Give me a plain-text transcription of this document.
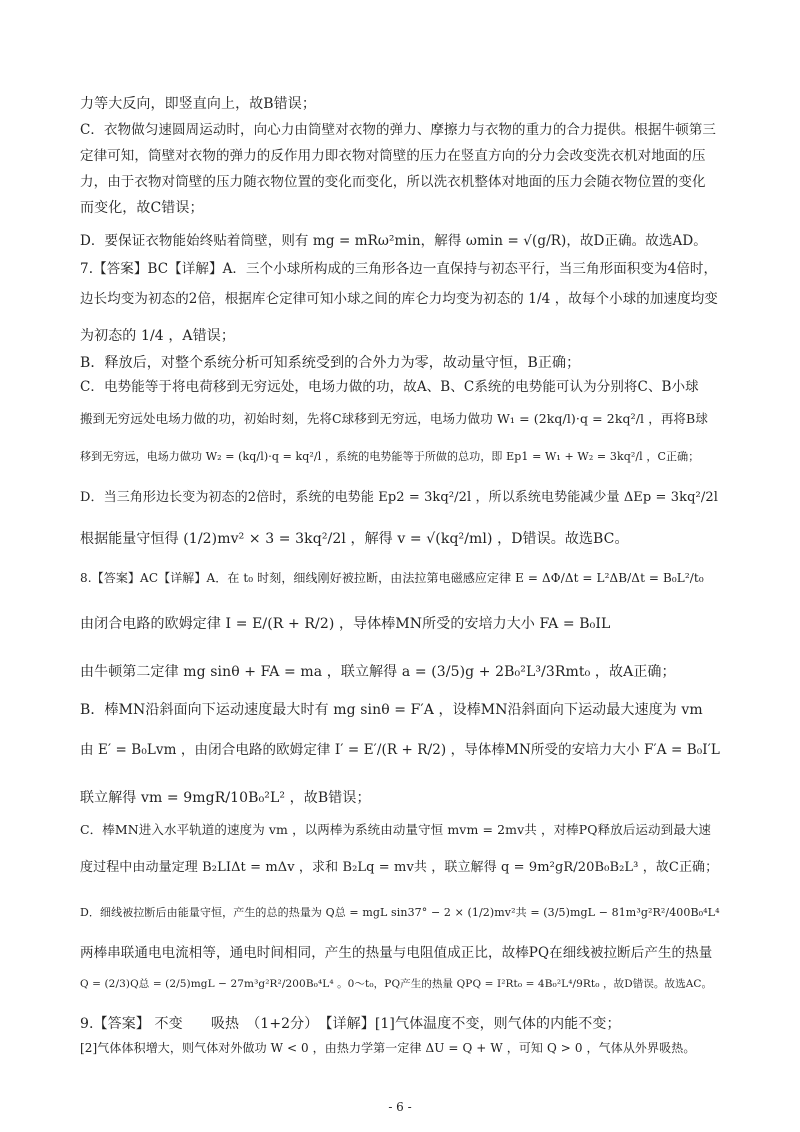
力等大反向，即竖直向上，故B错误；
C．衣物做匀速圆周运动时，向心力由筒壁对衣物的弹力、摩擦力与衣物的重力的合力提供。根据牛顿第三
定律可知，筒壁对衣物的弹力的反作用力即衣物对筒壁的压力在竖直方向的分力会改变洗衣机对地面的压
力，由于衣物对筒壁的压力随衣物位置的变化而变化，所以洗衣机整体对地面的压力会随衣物位置的变化
而变化，故C错误；
D．要保证衣物能始终贴着筒壁，则有 mg = mRω²min，解得 ωmin = √(g/R)，故D正确。故选AD。
7.【答案】BC【详解】A．三个小球所构成的三角形各边一直保持与初态平行，当三角形面积变为4倍时，
边长均变为初态的2倍，根据库仑定律可知小球之间的库仑力均变为初态的 1/4 ，故每个小球的加速度均变
为初态的 1/4 ，A错误；
B．释放后，对整个系统分析可知系统受到的合外力为零，故动量守恒，B正确；
C．电势能等于将电荷移到无穷远处，电场力做的功，故A、B、C系统的电势能可认为分别将C、B小球
搬到无穷远处电场力做的功，初始时刻，先将C球移到无穷远，电场力做功 W₁ = (2kq/l)·q = 2kq²/l ，再将B球
移到无穷远，电场力做功 W₂ = (kq/l)·q = kq²/l ，系统的电势能等于所做的总功，即 Ep1 = W₁ + W₂ = 3kq²/l ，C正确；
D．当三角形边长变为初态的2倍时，系统的电势能 Ep2 = 3kq²/2l ，所以系统电势能减少量 ΔEp = 3kq²/2l
根据能量守恒得 (1/2)mv² × 3 = 3kq²/2l ，解得 v = √(kq²/ml) ，D错误。故选BC。
8.【答案】AC【详解】A．在 t₀ 时刻，细线刚好被拉断，由法拉第电磁感应定律 E = ΔΦ/Δt = L²ΔB/Δt = B₀L²/t₀
由闭合电路的欧姆定律 I = E/(R + R/2) ，导体棒MN所受的安培力大小 FA = B₀IL
由牛顿第二定律 mg sinθ + FA = ma ，联立解得 a = (3/5)g + 2B₀²L³/3Rmt₀ ，故A正确；
B．棒MN沿斜面向下运动速度最大时有 mg sinθ = F′A ，设棒MN沿斜面向下运动最大速度为 vm
由 E′ = B₀Lvm ，由闭合电路的欧姆定律 I′ = E′/(R + R/2) ，导体棒MN所受的安培力大小 F′A = B₀I′L
联立解得 vm = 9mgR/10B₀²L² ，故B错误；
C．棒MN进入水平轨道的速度为 vm ，以两棒为系统由动量守恒 mvm = 2mv共 ，对棒PQ释放后运动到最大速
度过程中由动量定理 B₂LIΔt = mΔv ，求和 B₂Lq = mv共 ，联立解得 q = 9m²gR/20B₀B₂L³ ，故C正确；
D．细线被拉断后由能量守恒，产生的总的热量为 Q总 = mgL sin37° − 2 × (1/2)mv²共 = (3/5)mgL − 81m³g²R²/400B₀⁴L⁴
两棒串联通电电流相等，通电时间相同，产生的热量与电阻值成正比，故棒PQ在细线被拉断后产生的热量
Q = (2/3)Q总 = (2/5)mgL − 27m³g²R²/200B₀⁴L⁴ 。0～t₀，PQ产生的热量 QPQ = I²Rt₀ = 4B₀²L⁴/9Rt₀ ，故D错误。故选AC。
9.【答案】 不变　　吸热　（1+2分）　【详解】[1]气体温度不变，则气体的内能不变；
[2]气体体积增大，则气体对外做功 W < 0 ，由热力学第一定律 ΔU = Q + W ，可知 Q > 0 ，气体从外界吸热。
- 6 -
